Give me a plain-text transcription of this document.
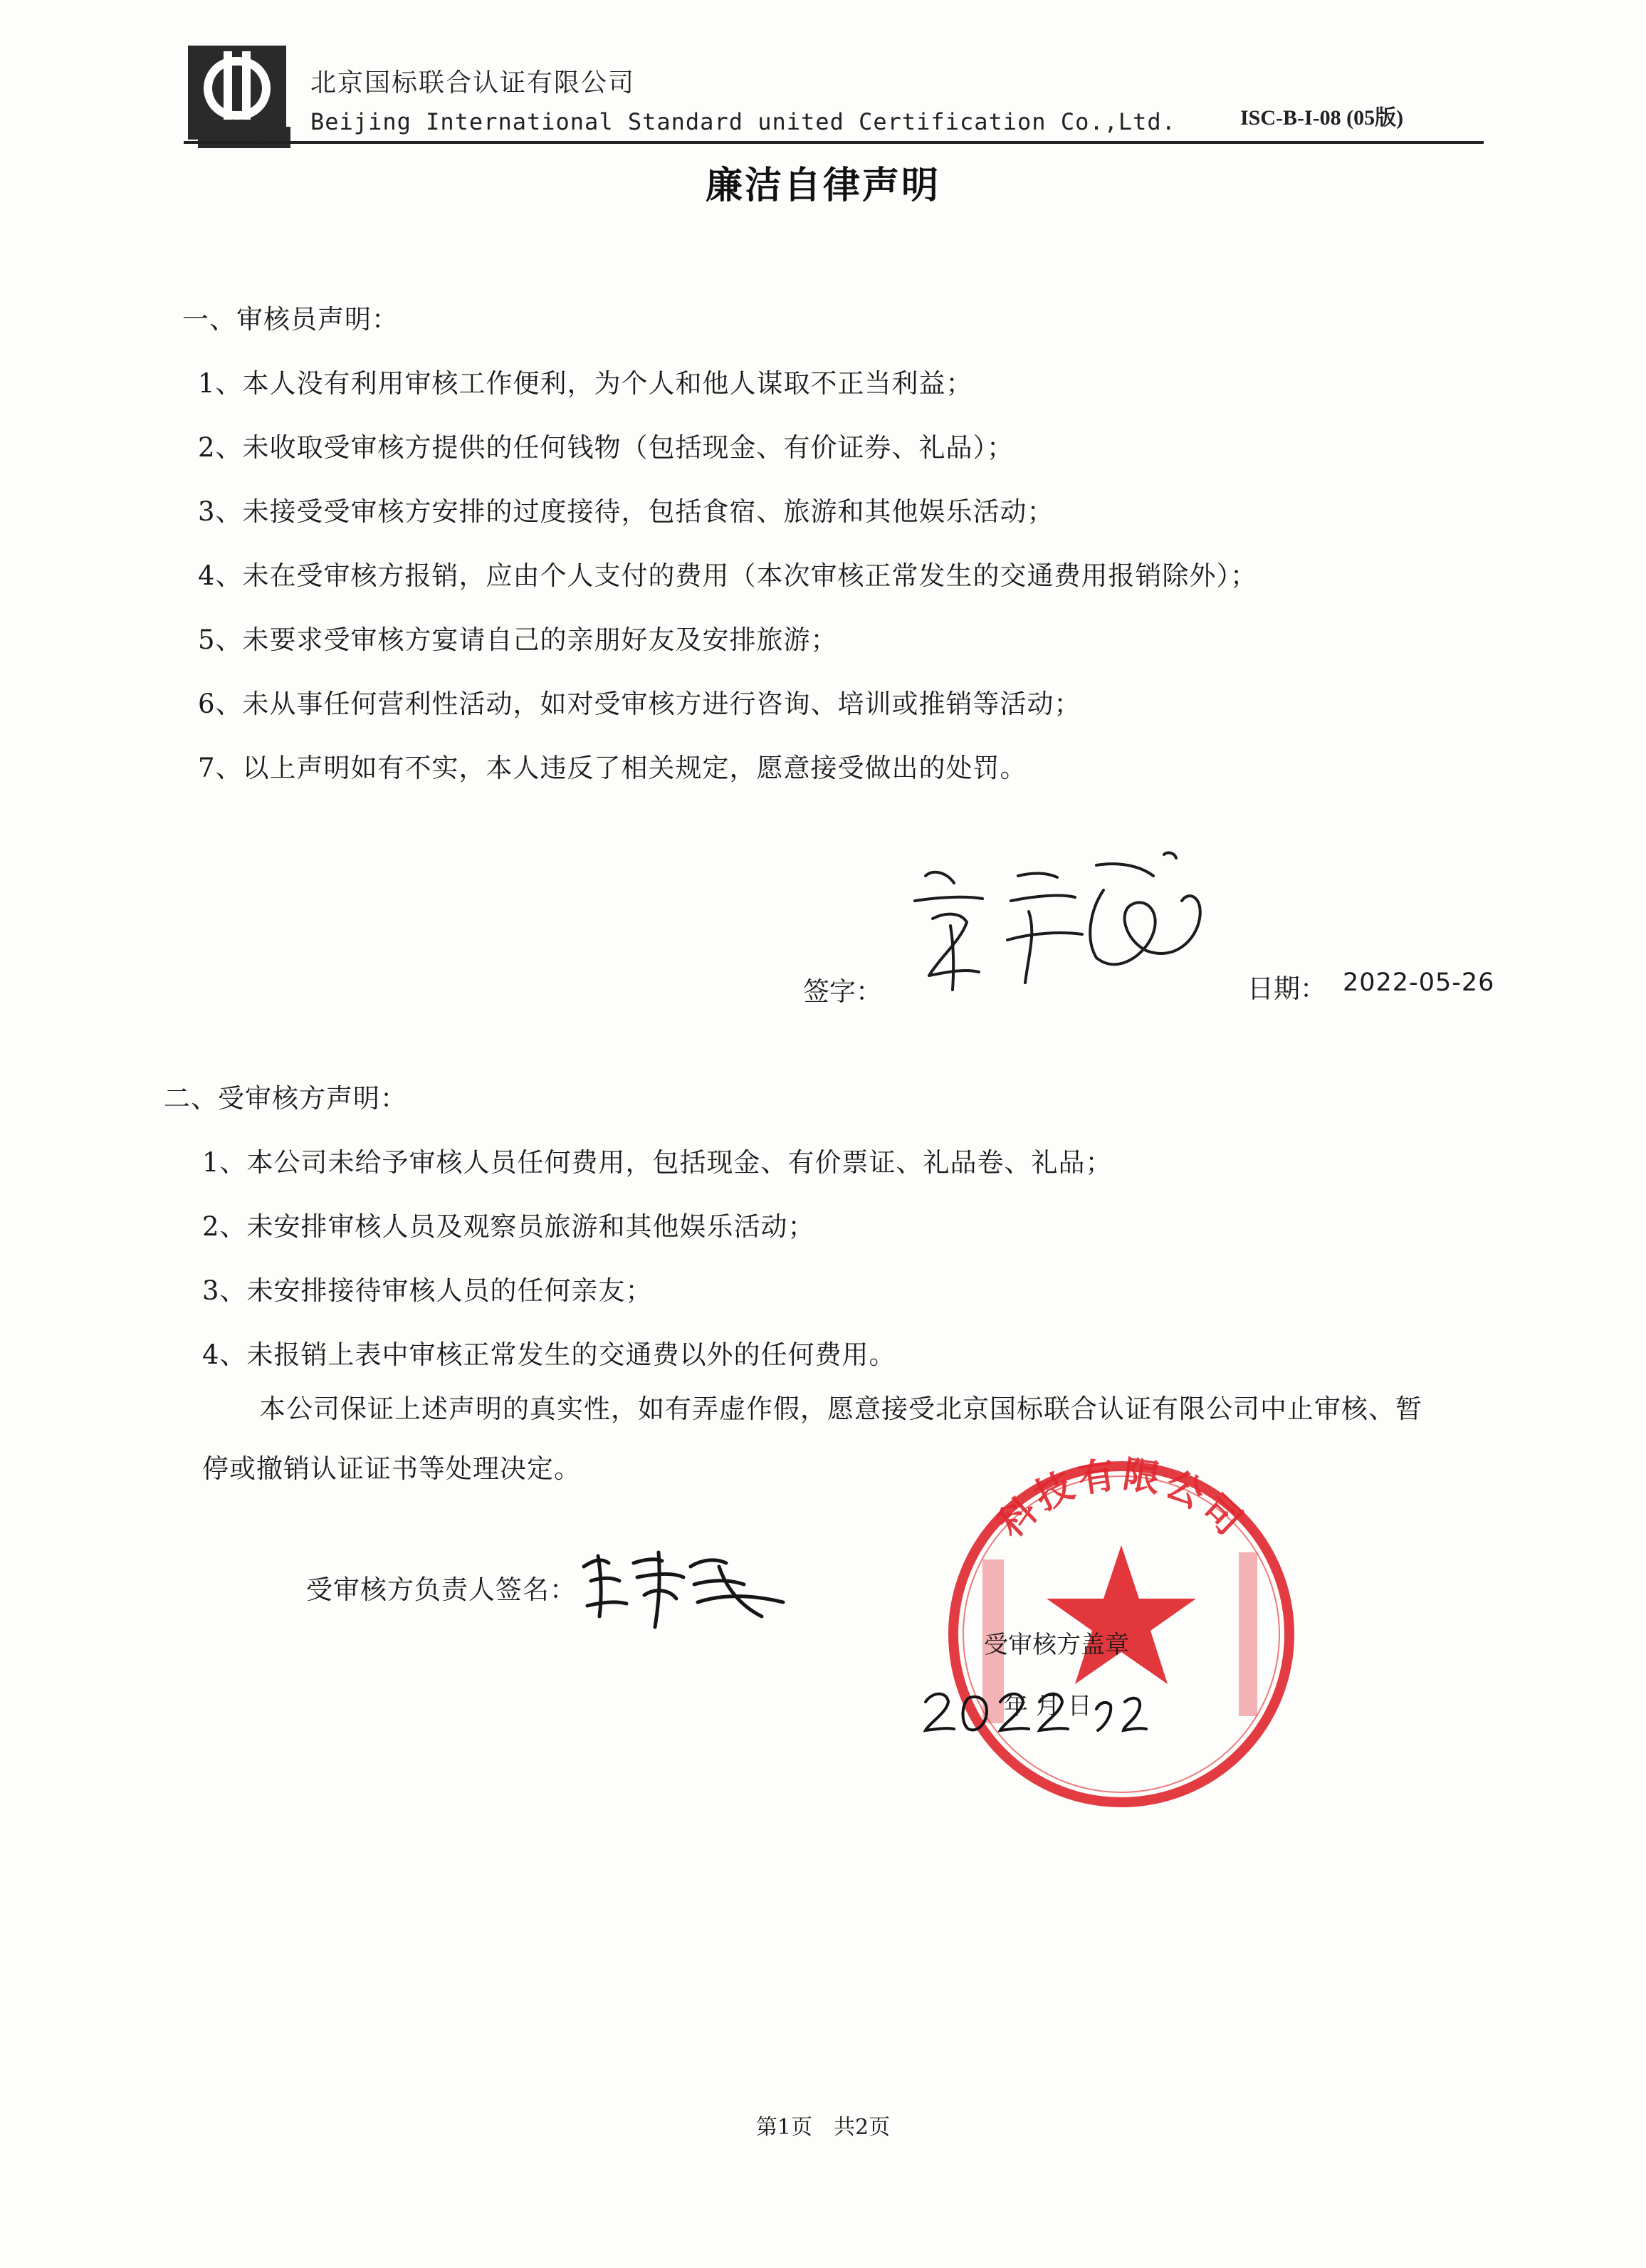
北京国标联合认证有限公司
Beijing International Standard united Certification Co.,Ltd.	ISC-B-I-08 (05版)
廉洁自律声明
一、审核员声明：
1、本人没有利用审核工作便利，为个人和他人谋取不正当利益；
2、未收取受审核方提供的任何钱物（包括现金、有价证券、礼品）；
3、未接受受审核方安排的过度接待，包括食宿、旅游和其他娱乐活动；
4、未在受审核方报销，应由个人支付的费用（本次审核正常发生的交通费用报销除外）；
5、未要求受审核方宴请自己的亲朋好友及安排旅游；
6、未从事任何营利性活动，如对受审核方进行咨询、培训或推销等活动；
7、以上声明如有不实，本人违反了相关规定，愿意接受做出的处罚。
签字：	日期： 2022-05-26
二、受审核方声明：
1、本公司未给予审核人员任何费用，包括现金、有价票证、礼品卷、礼品；
2、未安排审核人员及观察员旅游和其他娱乐活动；
3、未安排接待审核人员的任何亲友；
4、未报销上表中审核正常发生的交通费以外的任何费用。
本公司保证上述声明的真实性，如有弄虚作假，愿意接受北京国标联合认证有限公司中止审核、暂
停或撤销认证证书等处理决定。
受审核方负责人签名：
科技有限公司
受审核方盖章
年 月 日
第1页　共2页
